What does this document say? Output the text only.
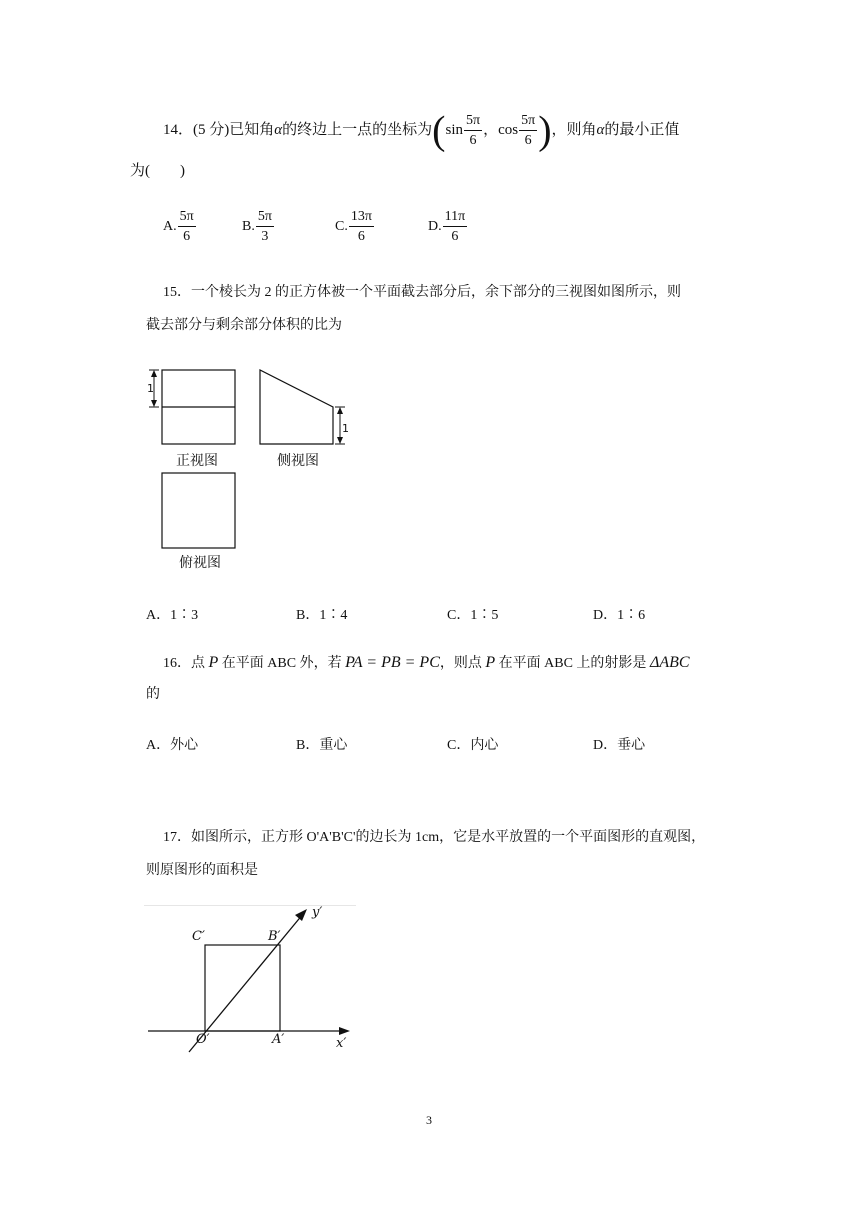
14．(5 分)已知角α的终边上一点的坐标为($\sin \frac{5\pi}{6}$ ，$\cos \frac{5\pi}{6}$ )，则角α的最小正值
为(　　)
A. $\frac{5\pi}{6}$	B. $\frac{5\pi}{3}$	C. $\frac{13\pi}{6}$	D. $\frac{11\pi}{6}$
15．一个棱长为 2 的正方体被一个平面截去部分后，余下部分的三视图如图所示，则
截去部分与剩余部分体积的比为
1
1
正视图	侧视图
俯视图
A．1∶3	B．1∶4	C．1∶5	D．1∶6
16．点 P 在平面 ABC 外，若 PA = PB = PC，则点 P 在平面 ABC 上的射影是 ΔABC
的
A．外心	B．重心	C．内心	D．垂心
17．如图所示，正方形 O'A'B'C'的边长为 1cm，它是水平放置的一个平面图形的直观图，
则原图形的面积是
C′	B′
O′	A′	x′
y′
3
